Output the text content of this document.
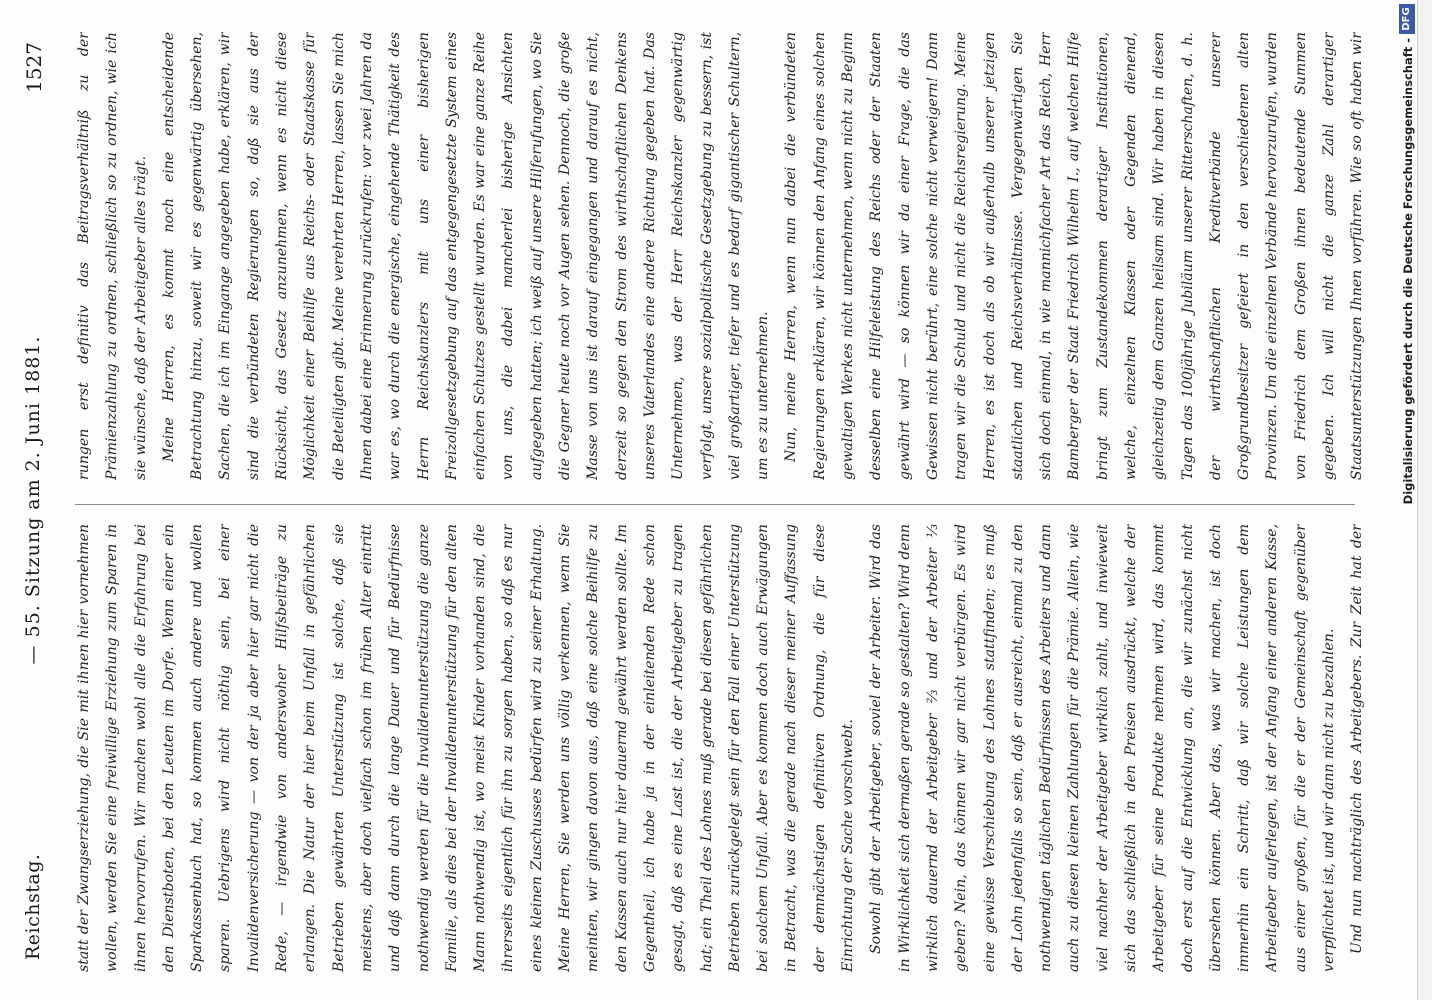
Reichstag.
— 55. Sitzung am 2. Juni 1881.
1527

statt der Zwangserziehung, die Sie mit ihnen hier vornehmen wollen, werden Sie eine freiwillige Erziehung zum Sparen in ihnen hervorrufen. Wir machen wohl alle die Erfahrung bei den Dienstboten, bei den Leuten im Dorfe. Wenn einer ein Sparkassenbuch hat, so kommen auch andere und wollen sparen. Uebrigens wird nicht nöthig sein, bei einer Invalidenversicherung — von der ja aber hier gar nicht die Rede, — irgendwie von anderswoher Hilfsbeiträge zu erlangen. Die Natur der hier beim Unfall in gefährlichen Betrieben gewährten Unterstützung ist solche, daß sie meistens, aber doch vielfach schon im frühen Alter eintritt und daß dann durch die lange Dauer und für Bedürfnisse nothwendig werden für die Invalidenunterstützung die ganze Familie, als dies bei der Invalidenunterstützung für den alten Mann nothwendig ist, wo meist Kinder vorhanden sind, die ihrerseits eigentlich für ihn zu sorgen haben, so daß es nur eines kleinen Zuschusses bedürfen wird zu seiner Erhaltung. Meine Herren, Sie werden uns völlig verkennen, wenn Sie meinten, wir gingen davon aus, daß eine solche Beihilfe zu den Kassen auch nur hier dauernd gewährt werden sollte. Im Gegentheil, ich habe ja in der einleitenden Rede schon gesagt, daß es eine Last ist, die der Arbeitgeber zu tragen hat; ein Theil des Lohnes muß gerade bei diesen gefährlichen Betrieben zurückgelegt sein für den Fall einer Unterstützung bei solchem Unfall. Aber es kommen doch auch Erwägungen in Betracht, was die gerade nach dieser meiner Auffassung der demnächstigen definitiven Ordnung, die für diese Einrichtung der Sache vorschwebt. Sowohl gibt der Arbeitgeber, soviel der Arbeiter. Wird das in Wirklichkeit sich dermaßen gerade so gestalten? Wird denn wirklich dauernd der Arbeitgeber ⅔ und der Arbeiter ⅓ geben? Nein, das können wir gar nicht verbürgen. Es wird eine gewisse Verschiebung des Lohnes stattfinden; es muß der Lohn jedenfalls so sein, daß er ausreicht, einmal zu den nothwendigen täglichen Bedürfnissen des Arbeiters und dann auch zu diesen kleinen Zahlungen für die Prämie. Allein, wie viel nachher der Arbeitgeber wirklich zahlt, und inwieweit sich das schließlich in den Preisen ausdrückt, welche der Arbeitgeber für seine Produkte nehmen wird, das kommt doch erst auf die Entwicklung an, die wir zunächst nicht übersehen können. Aber das, was wir machen, ist doch immerhin ein Schritt, daß wir solche Leistungen dem Arbeitgeber auferlegen, ist der Anfang einer anderen Kasse, aus einer großen, für die er der Gemeinschaft gegenüber verpflichtet ist, und wir dann nicht zu bezahlen. Und nun nachträglich des Arbeitgebers. Zur Zeit hat der

rungen erst definitiv das Beitragsverhältniß zu der Prämienzahlung zu ordnen, schließlich so zu ordnen, wie ich sie wünsche, daß der Arbeitgeber alles trägt. Meine Herren, es kommt noch eine entscheidende Betrachtung hinzu, soweit wir es gegenwärtig übersehen, Sachen, die ich im Eingange angegeben habe, erklären, wir sind die verbündeten Regierungen so, daß sie aus der Rücksicht, das Gesetz anzunehmen, wenn es nicht diese Möglichkeit einer Beihilfe aus Reichs- oder Staatskasse für die Beteiligten gibt. Meine verehrten Herren, lassen Sie mich Ihnen dabei eine Erinnerung zurückrufen: vor zwei Jahren da war es, wo durch die energische, eingehende Thätigkeit des Herrn Reichskanzlers mit uns einer bisherigen Freizollgesetzgebung auf das entgegengesetzte System eines einfachen Schutzes gestellt wurden. Es war eine ganze Reihe von uns, die dabei mancherlei bisherige Ansichten aufgegeben hatten; ich weiß auf unsere Hilferufungen, wo Sie die Gegner heute noch vor Augen sehen. Dennoch, die große Masse von uns ist darauf eingegangen und darauf es nicht, derzeit so gegen den Strom des wirthschaftlichen Denkens unseres Vaterlandes eine andere Richtung gegeben hat. Das Unternehmen, was der Herr Reichskanzler gegenwärtig verfolgt, unsere sozialpolitische Gesetzgebung zu bessern, ist viel großartiger, tiefer und es bedarf gigantischer Schultern, um es zu unternehmen. Nun, meine Herren, wenn nun dabei die verbündeten Regierungen erklären, wir können den Anfang eines solchen gewaltigen Werkes nicht unternehmen, wenn nicht zu Beginn desselben eine Hilfeleistung des Reichs oder der Staaten gewährt wird — so können wir da einer Frage, die das Gewissen nicht berührt, eine solche nicht verweigern! Dann tragen wir die Schuld und nicht die Reichsregierung. Meine Herren, es ist doch als ob wir außerhalb unserer jetzigen staatlichen und Reichsverhältnisse. Vergegenwärtigen Sie sich doch einmal, in wie mannichfacher Art das Reich, Herr Bamberger der Staat Friedrich Wilhelm I., auf welchen Hilfe bringt zum Zustandekommen derartiger Institutionen, welche, einzelnen Klassen oder Gegenden dienend, gleichzeitig dem Ganzen heilsam sind. Wir haben in diesen Tagen das 100jährige Jubiläum unserer Ritterschaften, d. h. der wirthschaftlichen Kreditverbände unserer Großgrundbesitzer gefeiert in den verschiedenen alten Provinzen. Um die einzelnen Verbände hervorzurufen, wurden von Friedrich dem Großen ihnen bedeutende Summen gegeben. Ich will nicht die ganze Zahl derartiger Staatsunterstützungen Ihnen vorführen. Wie so oft haben wir	Digitalisierung gefördert durch die Deutsche Forschungsgemeinschaft -
DFG
